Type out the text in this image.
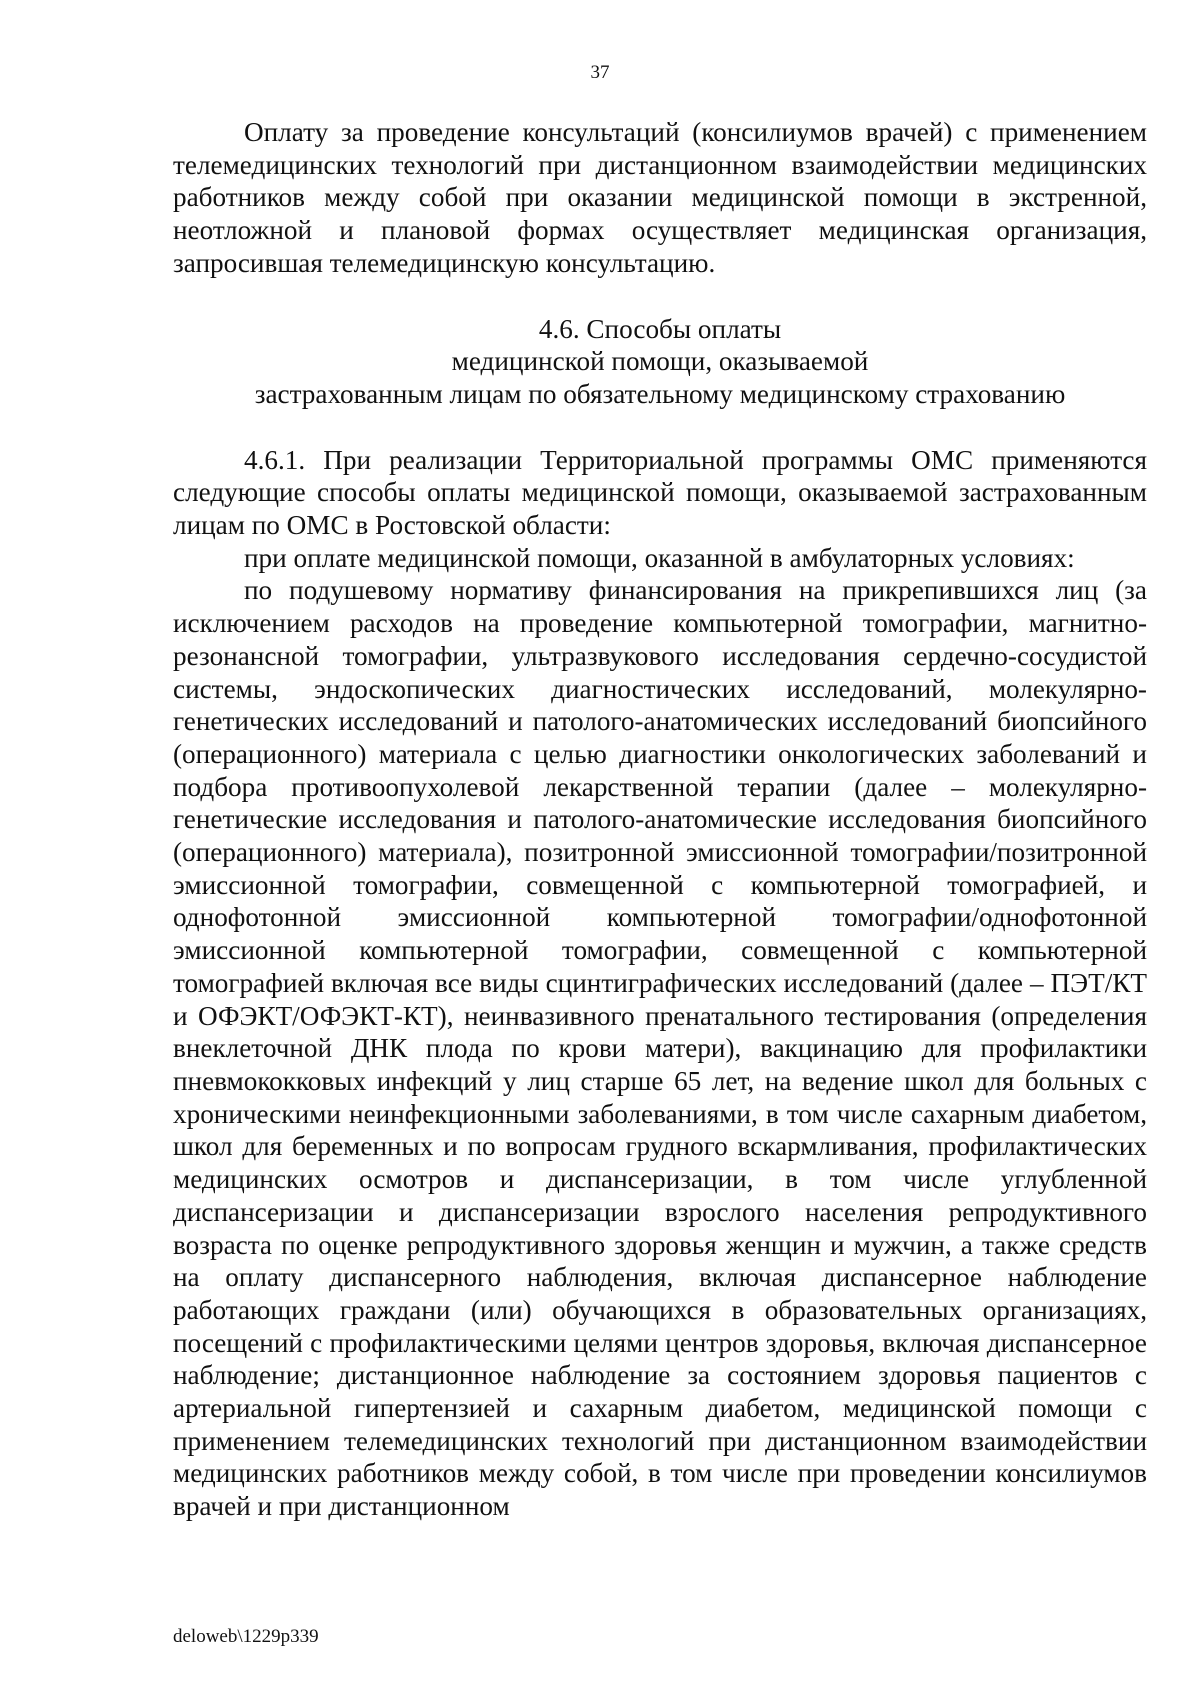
37

Оплату за проведение консультаций (консилиумов врачей) с применением телемедицинских технологий при дистанционном взаимодействии медицинских работников между собой при оказании медицинской помощи в экстренной, неотложной и плановой формах осуществляет медицинская организация, запросившая телемедицинскую консультацию.

4.6. Способы оплаты
медицинской помощи, оказываемой
застрахованным лицам по обязательному медицинскому страхованию

4.6.1. При реализации Территориальной программы ОМС применяются следующие способы оплаты медицинской помощи, оказываемой застрахованным лицам по ОМС в Ростовской области:

при оплате медицинской помощи, оказанной в амбулаторных условиях:

по подушевому нормативу финансирования на прикрепившихся лиц (за исключением расходов на проведение компьютерной томографии, магнитно-резонансной томографии, ультразвукового исследования сердечно-сосудистой системы, эндоскопических диагностических исследований, молекулярно-генетических исследований и патолого-анатомических исследований биопсийного (операционного) материала с целью диагностики онкологических заболеваний и подбора противоопухолевой лекарственной терапии (далее – молекулярно-генетические исследования и патолого-анатомические исследования биопсийного (операционного) материала), позитронной эмиссионной томографии/позитронной эмиссионной томографии, совмещенной с компьютерной томографией, и однофотонной эмиссионной компьютерной томографии/однофотонной эмиссионной компьютерной томографии, совмещенной с компьютерной томографией включая все виды сцинтиграфических исследований (далее – ПЭТ/КТ и ОФЭКТ/ОФЭКТ-КТ), неинвазивного пренатального тестирования (определения внеклеточной ДНК плода по крови матери), вакцинацию для профилактики пневмококковых инфекций у лиц старше 65 лет, на ведение школ для больных с хроническими неинфекционными заболеваниями, в том числе сахарным диабетом, школ для беременных и по вопросам грудного вскармливания, профилактических медицинских осмотров и диспансеризации, в том числе углубленной диспансеризации и диспансеризации взрослого населения репродуктивного возраста по оценке репродуктивного здоровья женщин и мужчин, а также средств на оплату диспансерного наблюдения, включая диспансерное наблюдение работающих граждани (или) обучающихся в образовательных организациях, посещений с профилактическими целями центров здоровья, включая диспансерное наблюдение; дистанционное наблюдение за состоянием здоровья пациентов с артериальной гипертензией и сахарным диабетом, медицинской помощи с применением телемедицинских технологий при дистанционном взаимодействии медицинских работников между собой, в том числе при проведении консилиумов врачей и при дистанционном

deloweb\1229p339
